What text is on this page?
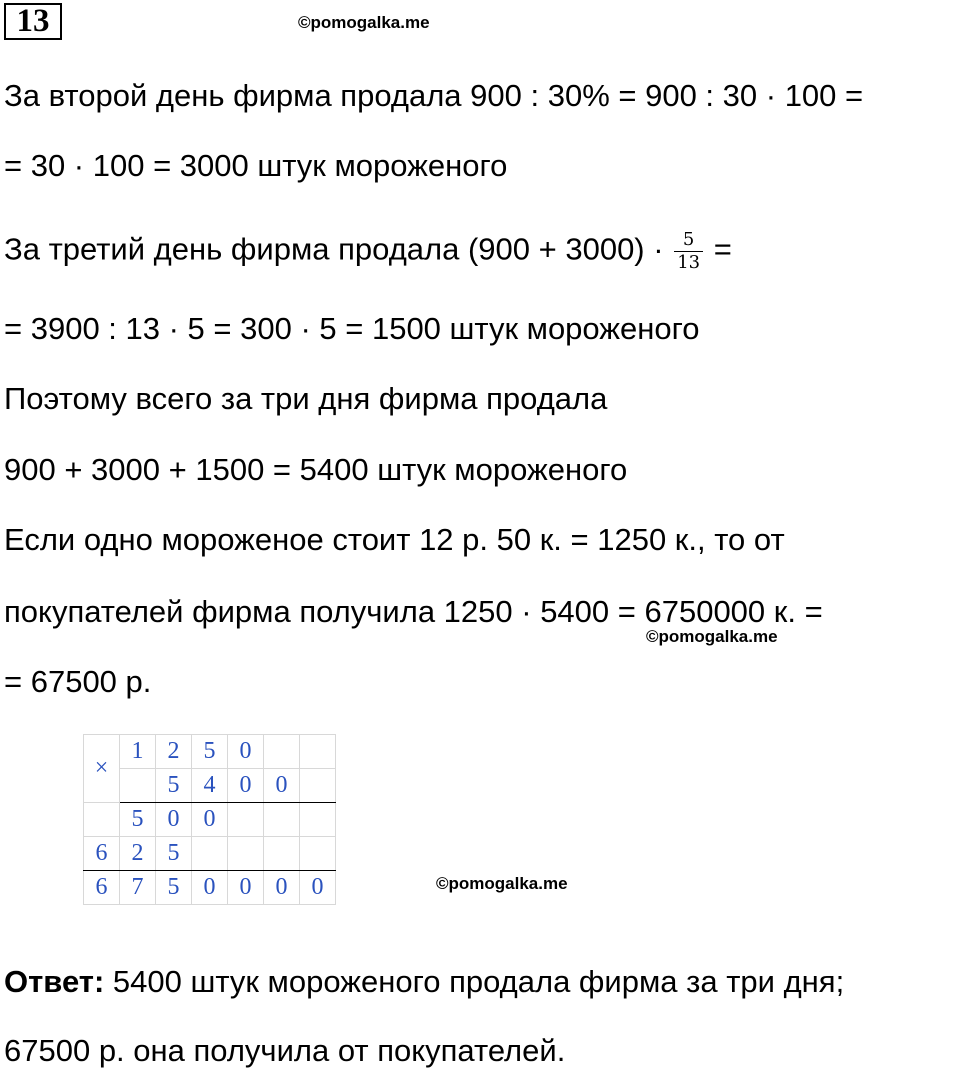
13	©pomogalka.me
За второй день фирма продала 900 : 30% = 900 : 30 · 100 =
= 30 · 100 = 3000 штук мороженого
За третий день фирма продала $(900 + 3000) \cdot \frac{5}{13}$ =
= 3900 : 13 · 5 = 300 · 5 = 1500 штук мороженого
Поэтому всего за три дня фирма продала
900 + 3000 + 1500 = 5400 штук мороженого
Если одно мороженое стоит 12 р. 50 к. = 1250 к., то от
покупателей фирма получила 1250 · 5400 = 6750000 к. =
©pomogalka.me
= 67500 р.
×	1	2	5	0		
		5	4	0	0	
	5	0	0			
6	2	5				
6	7	5	0	0	0	0	©pomogalka.me
Ответ: 5400 штук мороженого продала фирма за три дня;
67500 р. она получила от покупателей.
